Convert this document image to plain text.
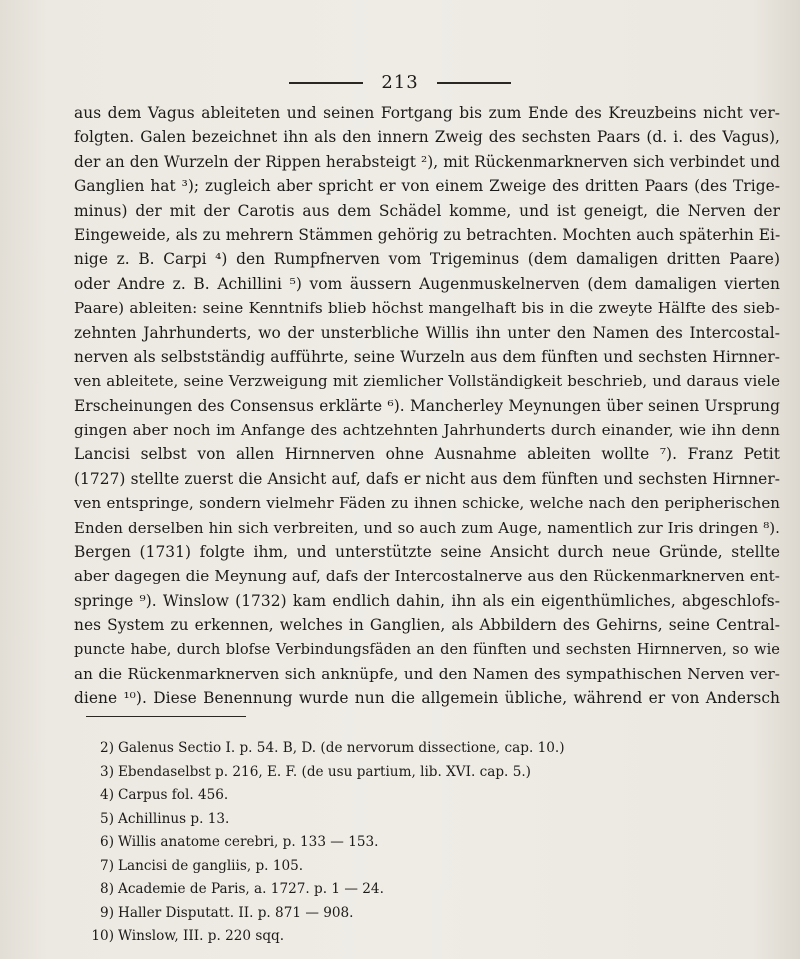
213
aus dem Vagus ableiteten und seinen Fortgang bis zum Ende des Kreuzbeins nicht ver-
folgten. Galen bezeichnet ihn als den innern Zweig des sechsten Paars (d. i. des Vagus),
der an den Wurzeln der Rippen herabsteigt ²), mit Rückenmarknerven sich verbindet und
Ganglien hat ³); zugleich aber spricht er von einem Zweige des dritten Paars (des Trige-
minus) der mit der Carotis aus dem Schädel komme, und ist geneigt, die Nerven der
Eingeweide, als zu mehrern Stämmen gehörig zu betrachten. Mochten auch späterhin Ei-
nige z. B. Carpi ⁴) den Rumpfnerven vom Trigeminus (dem damaligen dritten Paare)
oder Andre z. B. Achillini ⁵) vom äussern Augenmuskelnerven (dem damaligen vierten
Paare) ableiten: seine Kenntnifs blieb höchst mangelhaft bis in die zweyte Hälfte des sieb-
zehnten Jahrhunderts, wo der unsterbliche Willis ihn unter den Namen des Intercostal-
nerven als selbstständig aufführte, seine Wurzeln aus dem fünften und sechsten Hirnner-
ven ableitete, seine Verzweigung mit ziemlicher Vollständigkeit beschrieb, und daraus viele
Erscheinungen des Consensus erklärte ⁶). Mancherley Meynungen über seinen Ursprung
gingen aber noch im Anfange des achtzehnten Jahrhunderts durch einander, wie ihn denn
Lancisi selbst von allen Hirnnerven ohne Ausnahme ableiten wollte ⁷). Franz Petit
(1727) stellte zuerst die Ansicht auf, dafs er nicht aus dem fünften und sechsten Hirnner-
ven entspringe, sondern vielmehr Fäden zu ihnen schicke, welche nach den peripherischen
Enden derselben hin sich verbreiten, und so auch zum Auge, namentlich zur Iris dringen ⁸).
Bergen (1731) folgte ihm, und unterstützte seine Ansicht durch neue Gründe, stellte
aber dagegen die Meynung auf, dafs der Intercostalnerve aus den Rückenmarknerven ent-
springe ⁹). Winslow (1732) kam endlich dahin, ihn als ein eigenthümliches, abgeschlofs-
nes System zu erkennen, welches in Ganglien, als Abbildern des Gehirns, seine Central-
puncte habe, durch blofse Verbindungsfäden an den fünften und sechsten Hirnnerven, so wie
an die Rückenmarknerven sich anknüpfe, und den Namen des sympathischen Nerven ver-
diene ¹⁰). Diese Benennung wurde nun die allgemein übliche, während er von Andersch
2) Galenus Sectio I. p. 54. B, D. (de nervorum dissectione, cap. 10.)
3) Ebendaselbst p. 216, E. F. (de usu partium, lib. XVI. cap. 5.)
4) Carpus fol. 456.
5) Achillinus p. 13.
6) Willis anatome cerebri, p. 133 — 153.
7) Lancisi de gangliis, p. 105.
8) Academie de Paris, a. 1727. p. 1 — 24.
9) Haller Disputatt. II. p. 871 — 908.
10) Winslow, III. p. 220 sqq.
